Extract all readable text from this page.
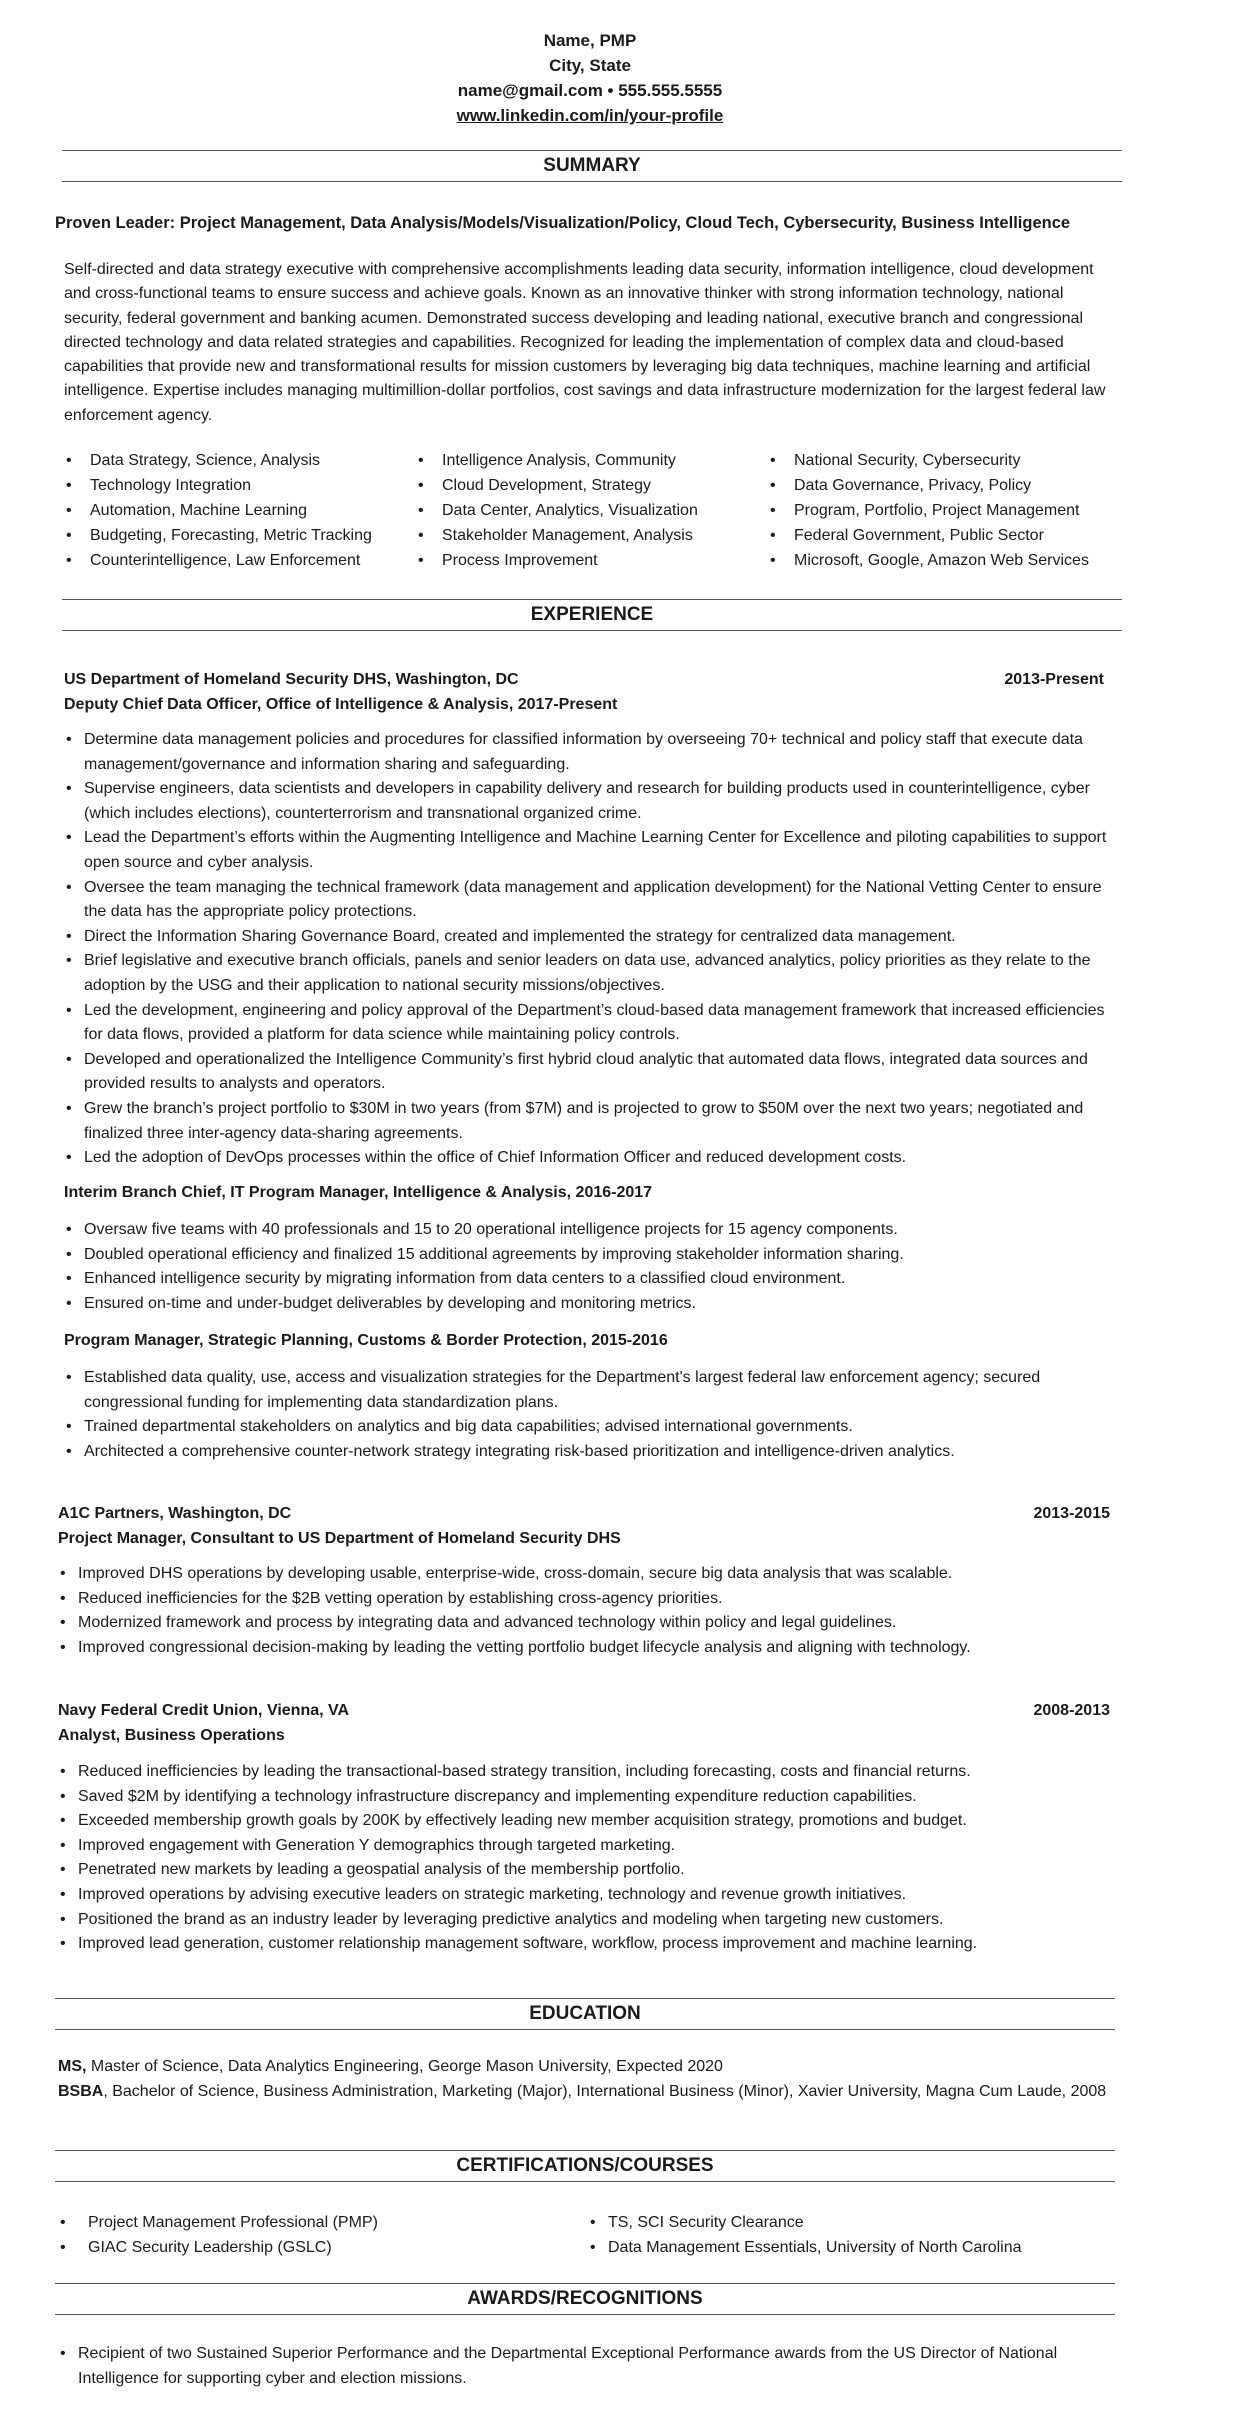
Name, PMP
City, State
name@gmail.com • 555.555.5555
www.linkedin.com/in/your-profile
SUMMARY
Proven Leader: Project Management, Data Analysis/Models/Visualization/Policy, Cloud Tech, Cybersecurity, Business Intelligence

Self-directed and data strategy executive with comprehensive accomplishments leading data security, information intelligence, cloud development and cross-functional teams to ensure success and achieve goals. Known as an innovative thinker with strong information technology, national security, federal government and banking acumen. Demonstrated success developing and leading national, executive branch and congressional directed technology and data related strategies and capabilities. Recognized for leading the implementation of complex data and cloud-based capabilities that provide new and transformational results for mission customers by leveraging big data techniques, machine learning and artificial intelligence. Expertise includes managing multimillion-dollar portfolios, cost savings and data infrastructure modernization for the largest federal law enforcement agency.

• Data Strategy, Science, Analysis
• Technology Integration
• Automation, Machine Learning
• Budgeting, Forecasting, Metric Tracking
• Counterintelligence, Law Enforcement
• Intelligence Analysis, Community
• Cloud Development, Strategy
• Data Center, Analytics, Visualization
• Stakeholder Management, Analysis
• Process Improvement
• National Security, Cybersecurity
• Data Governance, Privacy, Policy
• Program, Portfolio, Project Management
• Federal Government, Public Sector
• Microsoft, Google, Amazon Web Services
EXPERIENCE
US Department of Homeland Security DHS, Washington, DC	2013-Present
Deputy Chief Data Officer, Office of Intelligence & Analysis, 2017-Present
• Determine data management policies and procedures for classified information by overseeing 70+ technical and policy staff that execute data management/governance and information sharing and safeguarding.
• Supervise engineers, data scientists and developers in capability delivery and research for building products used in counterintelligence, cyber (which includes elections), counterterrorism and transnational organized crime.
• Lead the Department’s efforts within the Augmenting Intelligence and Machine Learning Center for Excellence and piloting capabilities to support open source and cyber analysis.
• Oversee the team managing the technical framework (data management and application development) for the National Vetting Center to ensure the data has the appropriate policy protections.
• Direct the Information Sharing Governance Board, created and implemented the strategy for centralized data management.
• Brief legislative and executive branch officials, panels and senior leaders on data use, advanced analytics, policy priorities as they relate to the adoption by the USG and their application to national security missions/objectives.
• Led the development, engineering and policy approval of the Department’s cloud-based data management framework that increased efficiencies for data flows, provided a platform for data science while maintaining policy controls.
• Developed and operationalized the Intelligence Community’s first hybrid cloud analytic that automated data flows, integrated data sources and provided results to analysts and operators.
• Grew the branch’s project portfolio to $30M in two years (from $7M) and is projected to grow to $50M over the next two years; negotiated and finalized three inter-agency data-sharing agreements.
• Led the adoption of DevOps processes within the office of Chief Information Officer and reduced development costs.
Interim Branch Chief, IT Program Manager, Intelligence & Analysis, 2016-2017
• Oversaw five teams with 40 professionals and 15 to 20 operational intelligence projects for 15 agency components.
• Doubled operational efficiency and finalized 15 additional agreements by improving stakeholder information sharing.
• Enhanced intelligence security by migrating information from data centers to a classified cloud environment.
• Ensured on-time and under-budget deliverables by developing and monitoring metrics.
Program Manager, Strategic Planning, Customs & Border Protection, 2015-2016
• Established data quality, use, access and visualization strategies for the Department's largest federal law enforcement agency; secured congressional funding for implementing data standardization plans.
• Trained departmental stakeholders on analytics and big data capabilities; advised international governments.
• Architected a comprehensive counter-network strategy integrating risk-based prioritization and intelligence-driven analytics.
A1C Partners, Washington, DC	2013-2015
Project Manager, Consultant to US Department of Homeland Security DHS
• Improved DHS operations by developing usable, enterprise-wide, cross-domain, secure big data analysis that was scalable.
• Reduced inefficiencies for the $2B vetting operation by establishing cross-agency priorities.
• Modernized framework and process by integrating data and advanced technology within policy and legal guidelines.
• Improved congressional decision-making by leading the vetting portfolio budget lifecycle analysis and aligning with technology.
Navy Federal Credit Union, Vienna, VA	2008-2013
Analyst, Business Operations
• Reduced inefficiencies by leading the transactional-based strategy transition, including forecasting, costs and financial returns.
• Saved $2M by identifying a technology infrastructure discrepancy and implementing expenditure reduction capabilities.
• Exceeded membership growth goals by 200K by effectively leading new member acquisition strategy, promotions and budget.
• Improved engagement with Generation Y demographics through targeted marketing.
• Penetrated new markets by leading a geospatial analysis of the membership portfolio.
• Improved operations by advising executive leaders on strategic marketing, technology and revenue growth initiatives.
• Positioned the brand as an industry leader by leveraging predictive analytics and modeling when targeting new customers.
• Improved lead generation, customer relationship management software, workflow, process improvement and machine learning.
EDUCATION
MS, Master of Science, Data Analytics Engineering, George Mason University, Expected 2020
BSBA, Bachelor of Science, Business Administration, Marketing (Major), International Business (Minor), Xavier University, Magna Cum Laude, 2008
CERTIFICATIONS/COURSES
• Project Management Professional (PMP)
• GIAC Security Leadership (GSLC)
• TS, SCI Security Clearance
• Data Management Essentials, University of North Carolina
AWARDS/RECOGNITIONS
• Recipient of two Sustained Superior Performance and the Departmental Exceptional Performance awards from the US Director of National Intelligence for supporting cyber and election missions.
